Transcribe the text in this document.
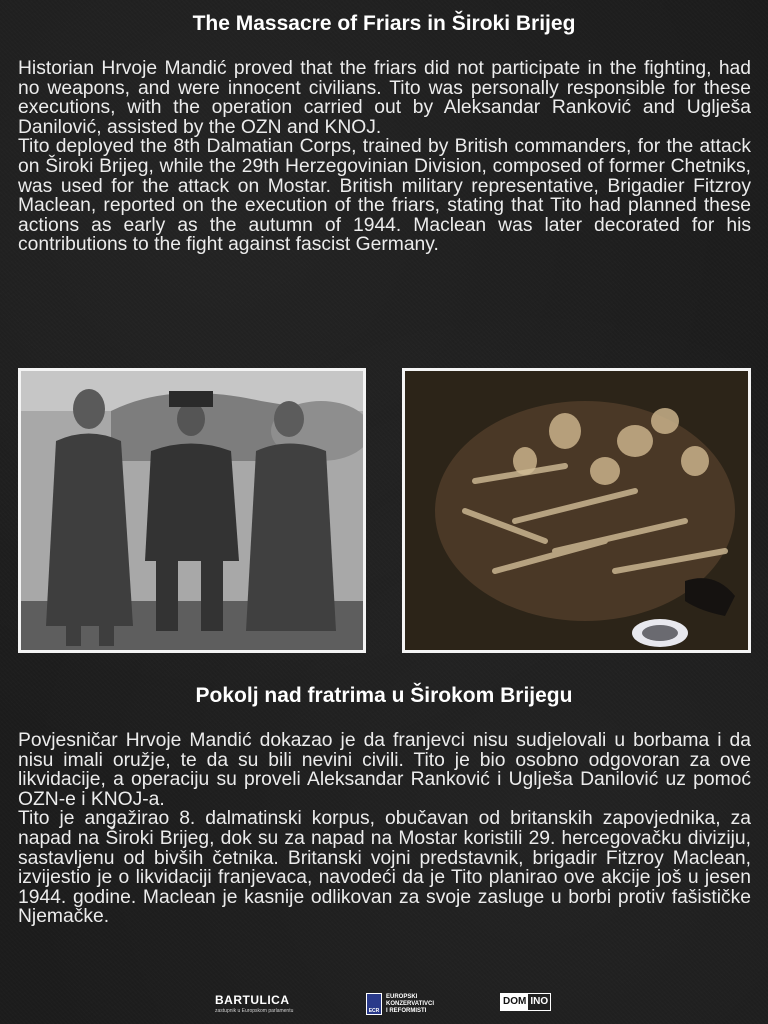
The Massacre of Friars in Široki Brijeg

Historian Hrvoje Mandić proved that the friars did not participate in the fighting, had no weapons, and were innocent civilians. Tito was personally responsible for these executions, with the operation carried out by Aleksandar Ranković and Uglješa Danilović, assisted by the OZN and KNOJ.

Tito deployed the 8th Dalmatian Corps, trained by British commanders, for the attack on Široki Brijeg, while the 29th Herzegovinian Division, composed of former Chetniks, was used for the attack on Mostar. British military representative, Brigadier Fitzroy Maclean, reported on the execution of the friars, stating that Tito had planned these actions as early as the autumn of 1944. Maclean was later decorated for his contributions to the fight against fascist Germany.

Pokolj nad fratrima u Širokom Brijegu

Povjesničar Hrvoje Mandić dokazao je da franjevci nisu sudjelovali u borbama i da nisu imali oružje, te da su bili nevini civili. Tito je bio osobno odgovoran za ove likvidacije, a operaciju su proveli Aleksandar Ranković i Uglješa Danilović uz pomoć OZN-e i KNOJ-a.

Tito je angažirao 8. dalmatinski korpus, obučavan od britanskih zapovjednika, za napad na Široki Brijeg, dok su za napad na Mostar koristili 29. hercegovačku diviziju, sastavljenu od bivših četnika. Britanski vojni predstavnik, brigadir Fitzroy Maclean, izvijestio je o likvidaciji franjevaca, navodeći da je Tito planirao ove akcije još u jesen 1944. godine. Maclean je kasnije odlikovan za svoje zasluge u borbi protiv fašističke Njemačke.

BARTULICA
zastupnik u Europskom parlamentu	ECR
EUROPSKI
KONZERVATIVCI
I REFORMISTI
DOM INO
